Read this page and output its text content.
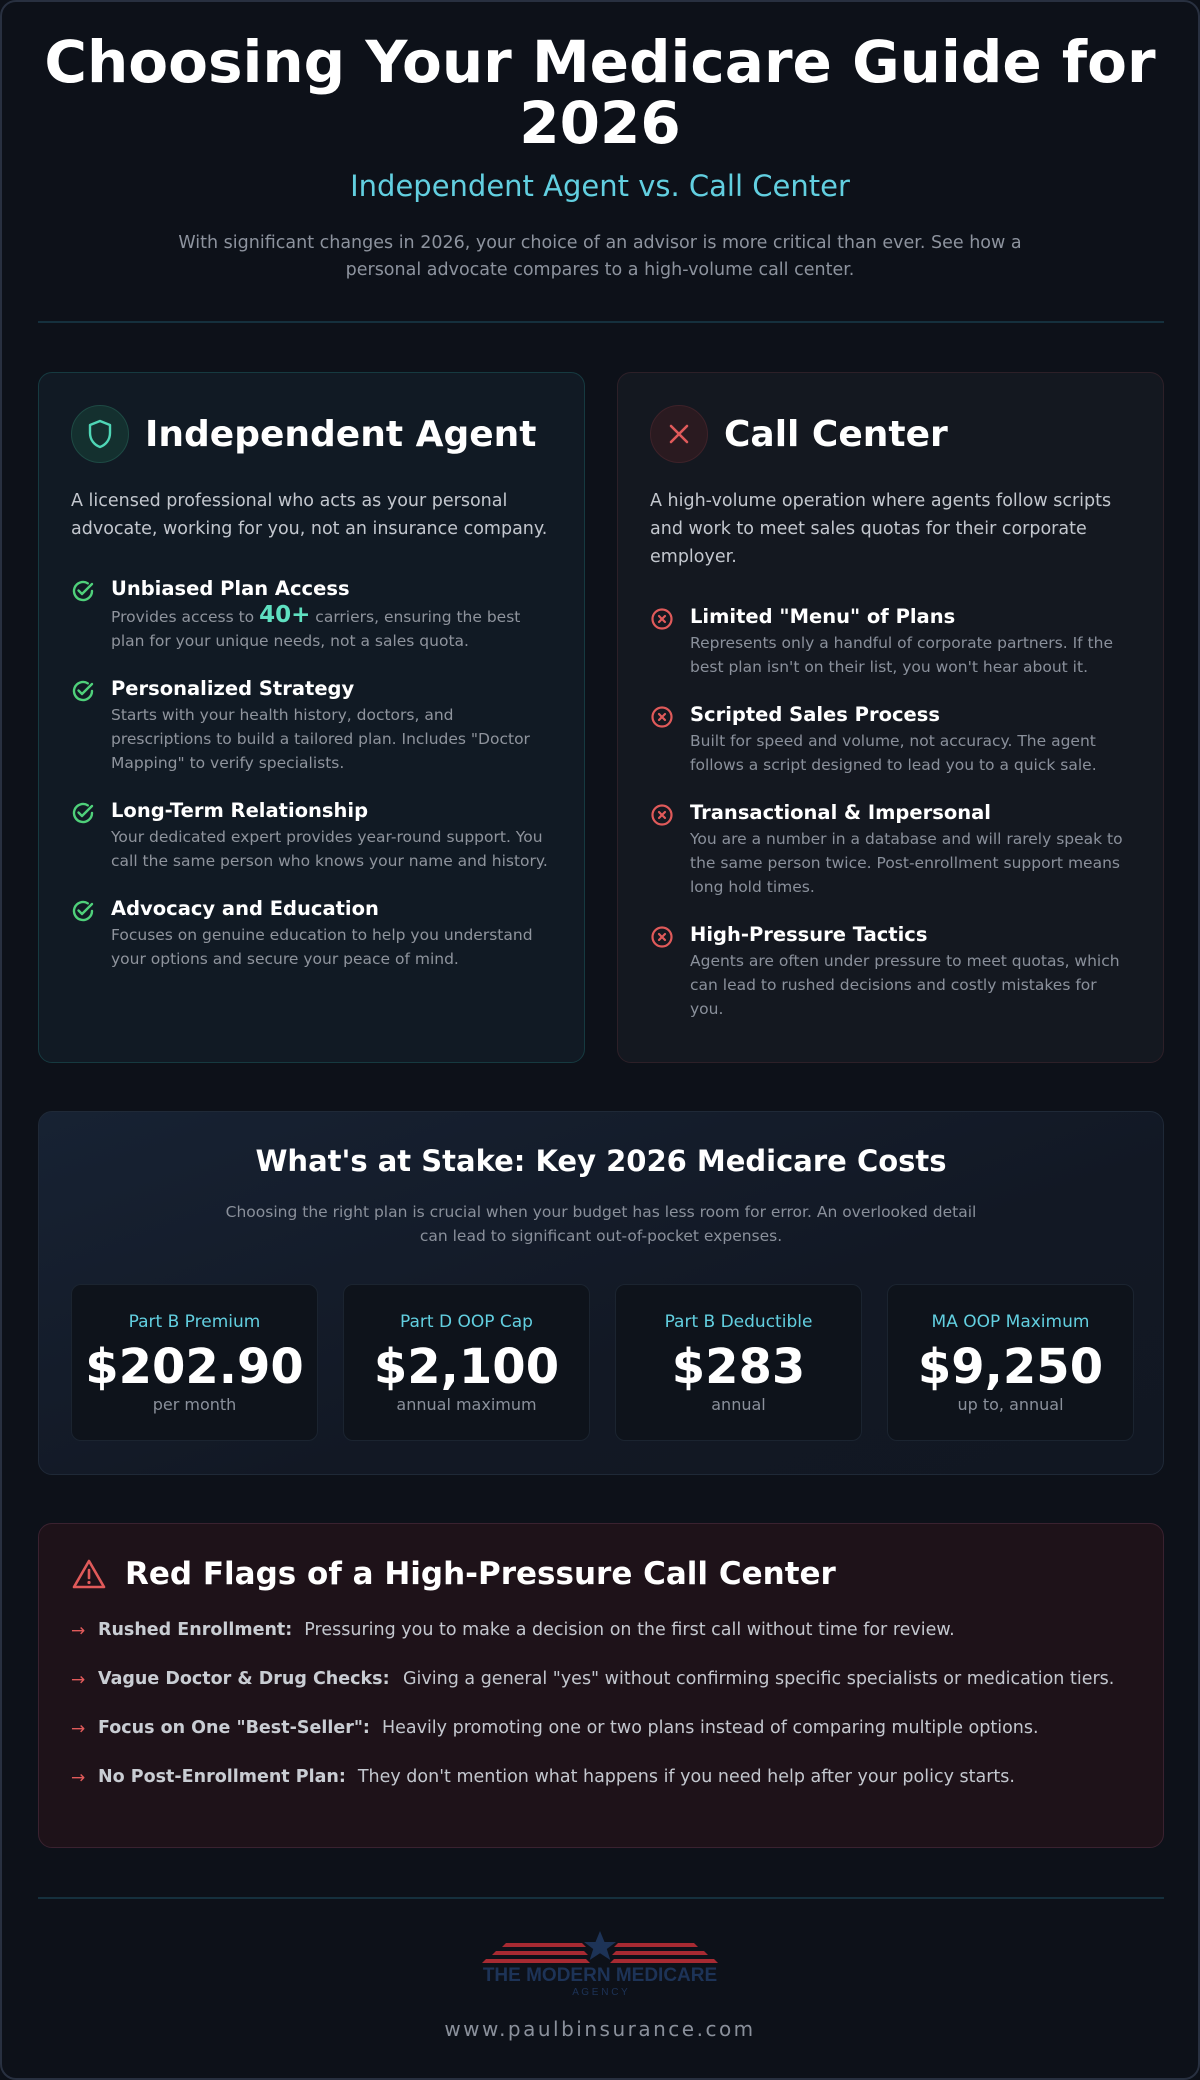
Choosing Your Medicare Guide for 2026
Independent Agent vs. Call Center

With significant changes in 2026, your choice of an advisor is more critical than ever. See how a personal advocate compares to a high-volume call center.

Independent Agent

A licensed professional who acts as your personal advocate, working for you, not an insurance company.

Unbiased Plan Access
Provides access to 40+ carriers, ensuring the best plan for your unique needs, not a sales quota.
Personalized Strategy
Starts with your health history, doctors, and prescriptions to build a tailored plan. Includes "Doctor Mapping" to verify specialists.
Long-Term Relationship
Your dedicated expert provides year-round support. You call the same person who knows your name and history.
Advocacy and Education
Focuses on genuine education to help you understand your options and secure your peace of mind.
Call Center

A high-volume operation where agents follow scripts and work to meet sales quotas for their corporate employer.

Limited "Menu" of Plans
Represents only a handful of corporate partners. If the best plan isn't on their list, you won't hear about it.
Scripted Sales Process
Built for speed and volume, not accuracy. The agent follows a script designed to lead you to a quick sale.
Transactional & Impersonal
You are a number in a database and will rarely speak to the same person twice. Post-enrollment support means long hold times.
High-Pressure Tactics
Agents are often under pressure to meet quotas, which can lead to rushed decisions and costly mistakes for you.
What's at Stake: Key 2026 Medicare Costs

Choosing the right plan is crucial when your budget has less room for error. An overlooked detail can lead to significant out-of-pocket expenses.

Part B Premium
$202.90
per month
Part D OOP Cap
$2,100
annual maximum
Part B Deductible
$283
annual
MA OOP Maximum
$9,250
up to, annual
Red Flags of a High-Pressure Call Center
→ Rushed Enrollment: Pressuring you to make a decision on the first call without time for review.
→ Vague Doctor & Drug Checks: Giving a general "yes" without confirming specific specialists or medication tiers.
→ Focus on One "Best-Seller": Heavily promoting one or two plans instead of comparing multiple options.
→ No Post-Enrollment Plan: They don't mention what happens if you need help after your policy starts.
THE MODERN MEDICARE
A G E N C Y
www.paulbinsurance.com
